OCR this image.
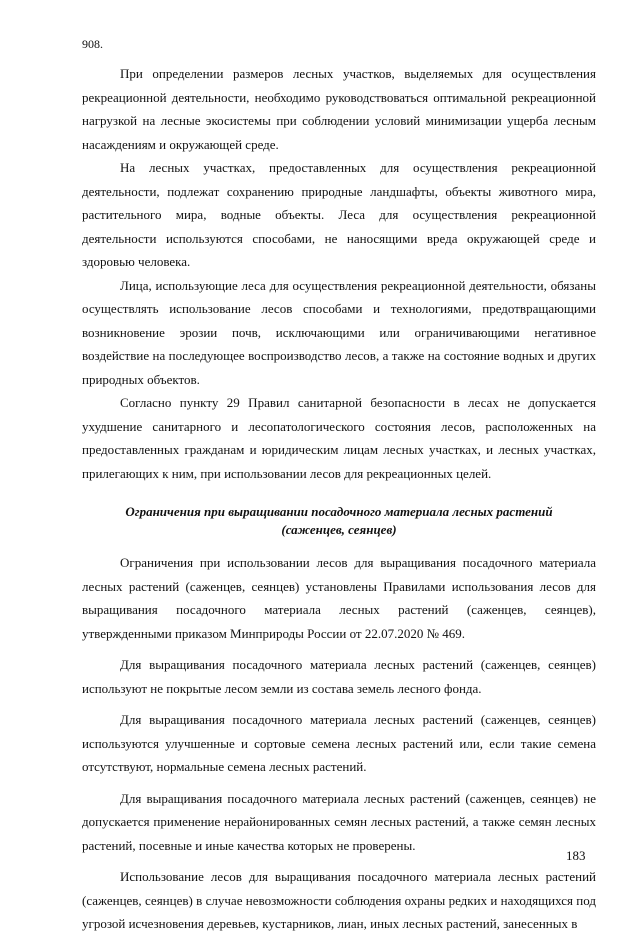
908.

При определении размеров лесных участков, выделяемых для осуществления рекреационной деятельности, необходимо руководствоваться оптимальной рекреационной нагрузкой на лесные экосистемы при соблюдении условий минимизации ущерба лесным насаждениям и окружающей среде.

На лесных участках, предоставленных для осуществления рекреационной деятельности, подлежат сохранению природные ландшафты, объекты животного мира, растительного мира, водные объекты. Леса для осуществления рекреационной деятельности используются способами, не наносящими вреда окружающей среде и здоровью человека.

Лица, использующие леса для осуществления рекреационной деятельности, обязаны осуществлять использование лесов способами и технологиями, предотвращающими возникновение эрозии почв, исключающими или ограничивающими негативное воздействие на последующее воспроизводство лесов, а также на состояние водных и других природных объектов.

Согласно пункту 29 Правил санитарной безопасности в лесах не допускается ухудшение санитарного и лесопатологического состояния лесов, расположенных на предоставленных гражданам и юридическим лицам лесных участках, и лесных участках, прилегающих к ним, при использовании лесов для рекреационных целей.

Ограничения при выращивании посадочного материала лесных растений
(саженцев, сеянцев)

Ограничения при использовании лесов для выращивания посадочного материала лесных растений (саженцев, сеянцев) установлены Правилами использования лесов для выращивания посадочного материала лесных растений (саженцев, сеянцев), утвержденными приказом Минприроды России от 22.07.2020 № 469.

Для выращивания посадочного материала лесных растений (саженцев, сеянцев) используют не покрытые лесом земли из состава земель лесного фонда.

Для выращивания посадочного материала лесных растений (саженцев, сеянцев) используются улучшенные и сортовые семена лесных растений или, если такие семена отсутствуют, нормальные семена лесных растений.

Для выращивания посадочного материала лесных растений (саженцев, сеянцев) не допускается применение нерайонированных семян лесных растений, а также семян лесных растений, посевные и иные качества которых не проверены.

Использование лесов для выращивания посадочного материала лесных растений (саженцев, сеянцев) в случае невозможности соблюдения охраны редких и находящихся под угрозой исчезновения деревьев, кустарников, лиан, иных лесных растений, занесенных в

183
